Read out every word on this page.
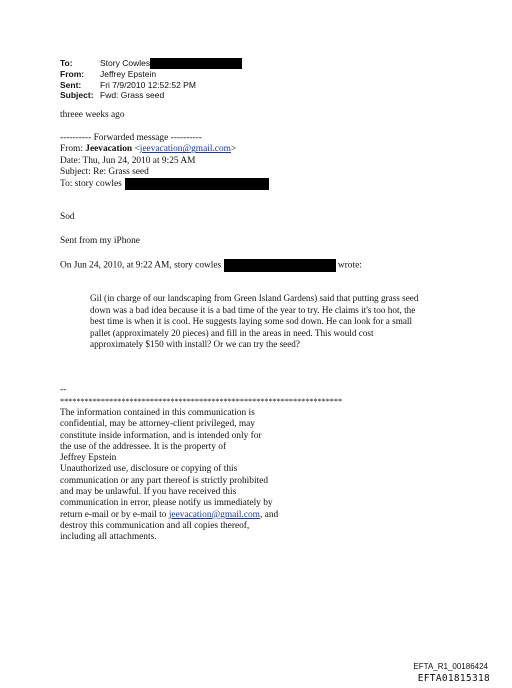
To:	Story Cowles
From:	Jeffrey Epstein
Sent:	Fri 7/9/2010 12:52:52 PM
Subject: Fwd: Grass seed
threee weeks ago
---------- Forwarded message ----------
From: Jeevacation <jeevacation@gmail.com>
Date: Thu, Jun 24, 2010 at 9:25 AM
Subject: Re: Grass seed
To: story cowles
Sod
Sent from my iPhone
On Jun 24, 2010, at 9:22 AM, story cowles	wrote:

Gil (in charge of our landscaping from Green Island Gardens) said that putting grass seed

down was a bad idea because it is a bad time of the year to try. He claims it's too hot, the

best time is when it is cool. He suggests laying some sod down. He can look for a small

pallet (approximately 20 pieces) and fill in the areas in need. This would cost

approximately $150 with install? Or we can try the seed?

--
*********************************************************************

The information contained in this communication is

confidential, may be attorney-client privileged, may

constitute inside information, and is intended only for

the use of the addressee. It is the property of

Jeffrey Epstein

Unauthorized use, disclosure or copying of this

communication or any part thereof is strictly prohibited

and may be unlawful. If you have received this

communication in error, please notify us immediately by

return e-mail or by e-mail to jeevacation@gmail.com, and

destroy this communication and all copies thereof,

including all attachments.

EFTA_R1_00186424
EFTA01815318
